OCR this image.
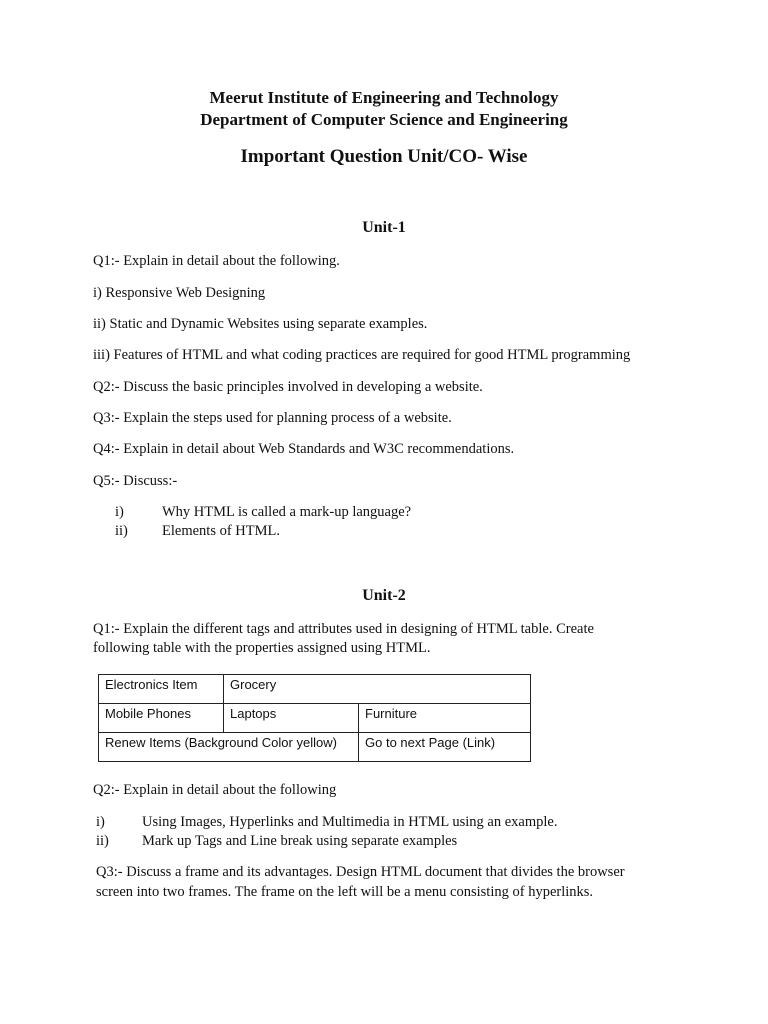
Meerut Institute of Engineering and Technology
Department of Computer Science and Engineering
Important Question Unit/CO- Wise
Unit-1
Q1:- Explain in detail about the following.
i) Responsive Web Designing
ii) Static and Dynamic Websites using separate examples.
iii) Features of HTML and what coding practices are required for good HTML programming
Q2:- Discuss the basic principles involved in developing a website.
Q3:- Explain the steps used for planning process of a website.
Q4:- Explain in detail about Web Standards and W3C recommendations.
Q5:- Discuss:-
i)	Why HTML is called a mark-up language?
ii) Elements of HTML.
Unit-2
Q1:- Explain the different tags and attributes used in designing of HTML table. Create
following table with the properties assigned using HTML.
Electronics Item	Grocery	
Mobile Phones	Laptops	Furniture
Renew Items (Background Color yellow)		Go to next Page (Link)
Q2:- Explain in detail about the following
i)	Using Images, Hyperlinks and Multimedia in HTML using an example.
ii) Mark up Tags and Line break using separate examples
Q3:- Discuss a frame and its advantages. Design HTML document that divides the browser
screen into two frames. The frame on the left will be a menu consisting of hyperlinks.
